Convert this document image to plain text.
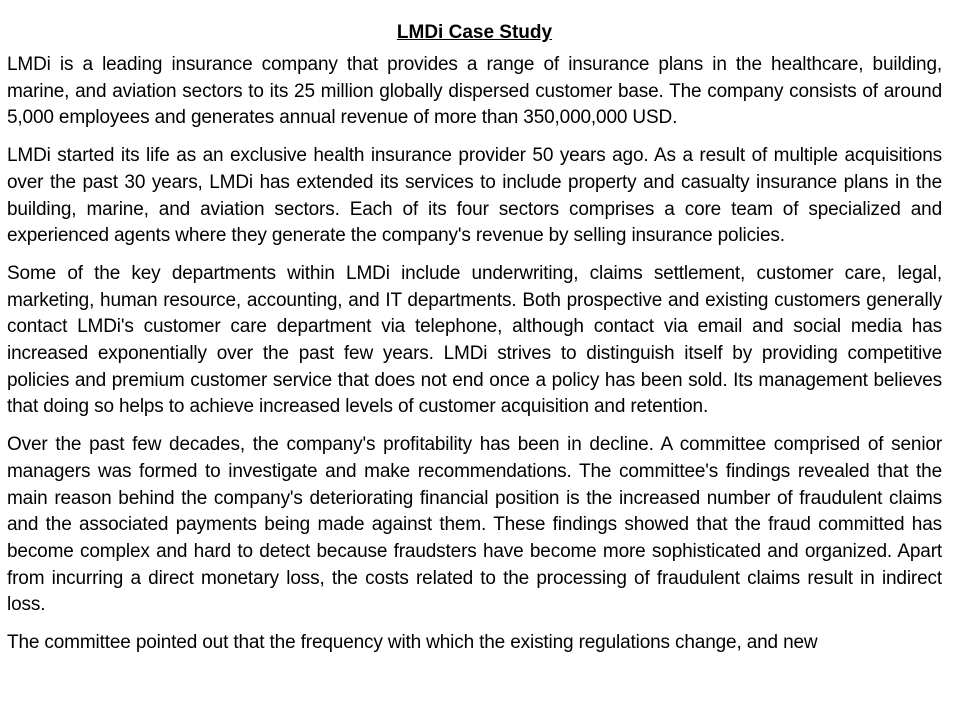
LMDi Case Study

LMDi is a leading insurance company that provides a range of insurance plans in the healthcare, building, marine, and aviation sectors to its 25 million globally dispersed customer base. The company consists of around 5,000 employees and generates annual revenue of more than 350,000,000 USD.

LMDi started its life as an exclusive health insurance provider 50 years ago. As a result of multiple acquisitions over the past 30 years, LMDi has extended its services to include property and casualty insurance plans in the building, marine, and aviation sectors. Each of its four sectors comprises a core team of specialized and experienced agents where they generate the company's revenue by selling insurance policies.

Some of the key departments within LMDi include underwriting, claims settlement, customer care, legal, marketing, human resource, accounting, and IT departments. Both prospective and existing customers generally contact LMDi's customer care department via telephone, although contact via email and social media has increased exponentially over the past few years. LMDi strives to distinguish itself by providing competitive policies and premium customer service that does not end once a policy has been sold. Its management believes that doing so helps to achieve increased levels of customer acquisition and retention.

Over the past few decades, the company's profitability has been in decline. A committee comprised of senior managers was formed to investigate and make recommendations. The committee's findings revealed that the main reason behind the company's deteriorating financial position is the increased number of fraudulent claims and the associated payments being made against them. These findings showed that the fraud committed has become complex and hard to detect because fraudsters have become more sophisticated and organized. Apart from incurring a direct monetary loss, the costs related to the processing of fraudulent claims result in indirect loss.

The committee pointed out that the frequency with which the existing regulations change, and new
